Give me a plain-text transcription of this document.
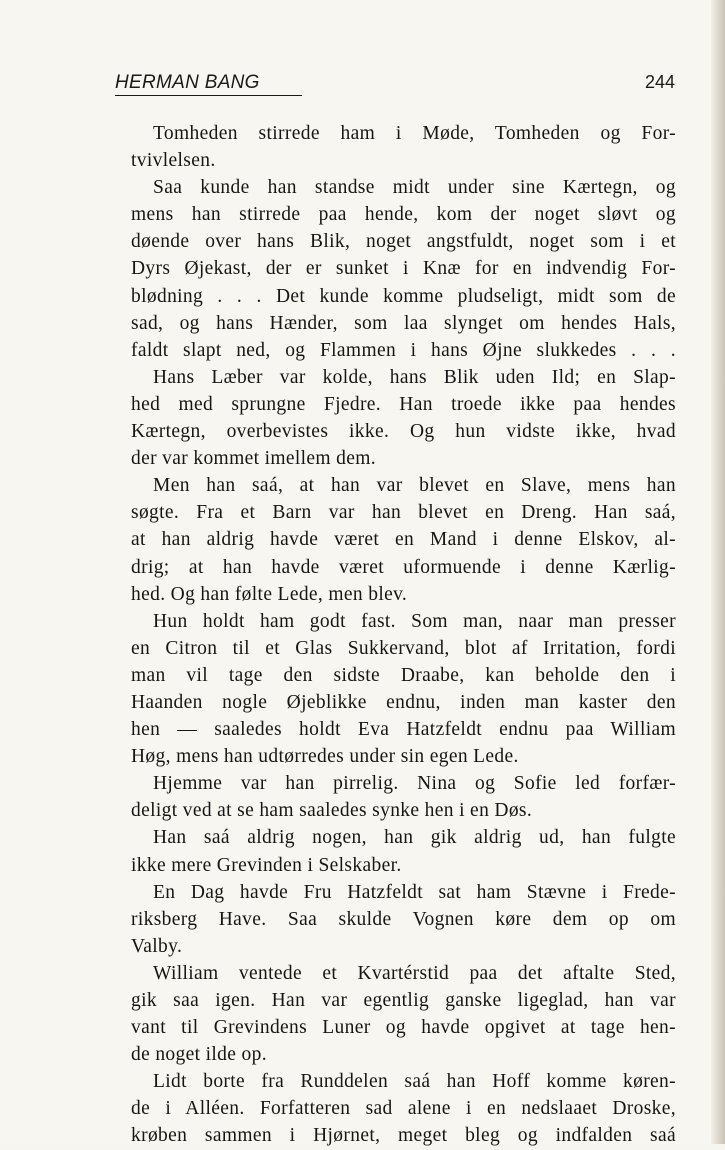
HERMAN BANG	244
Tomheden stirrede ham i Møde, Tomheden og For-
tvivlelsen.
Saa kunde han standse midt under sine Kærtegn, og
mens han stirrede paa hende, kom der noget sløvt og
døende over hans Blik, noget angstfuldt, noget som i et
Dyrs Øjekast, der er sunket i Knæ for en indvendig For-
blødning . . . Det kunde komme pludseligt, midt som de
sad, og hans Hænder, som laa slynget om hendes Hals,
faldt slapt ned, og Flammen i hans Øjne slukkedes . . .
Hans Læber var kolde, hans Blik uden Ild; en Slap-
hed med sprungne Fjedre. Han troede ikke paa hendes
Kærtegn, overbevistes ikke. Og hun vidste ikke, hvad
der var kommet imellem dem.
Men han saá, at han var blevet en Slave, mens han
søgte. Fra et Barn var han blevet en Dreng. Han saá,
at han aldrig havde været en Mand i denne Elskov, al-
drig; at han havde været uformuende i denne Kærlig-
hed. Og han følte Lede, men blev.
Hun holdt ham godt fast. Som man, naar man presser
en Citron til et Glas Sukkervand, blot af Irritation, fordi
man vil tage den sidste Draabe, kan beholde den i
Haanden nogle Øjeblikke endnu, inden man kaster den
hen — saaledes holdt Eva Hatzfeldt endnu paa William
Høg, mens han udtørredes under sin egen Lede.
Hjemme var han pirrelig. Nina og Sofie led forfær-
deligt ved at se ham saaledes synke hen i en Døs.
Han saá aldrig nogen, han gik aldrig ud, han fulgte
ikke mere Grevinden i Selskaber.
En Dag havde Fru Hatzfeldt sat ham Stævne i Frede-
riksberg Have. Saa skulde Vognen køre dem op om
Valby.
William ventede et Kvartérstid paa det aftalte Sted,
gik saa igen. Han var egentlig ganske ligeglad, han var
vant til Grevindens Luner og havde opgivet at tage hen-
de noget ilde op.
Lidt borte fra Runddelen saá han Hoff komme køren-
de i Alléen. Forfatteren sad alene i en nedslaaet Droske,
krøben sammen i Hjørnet, meget bleg og indfalden saá
